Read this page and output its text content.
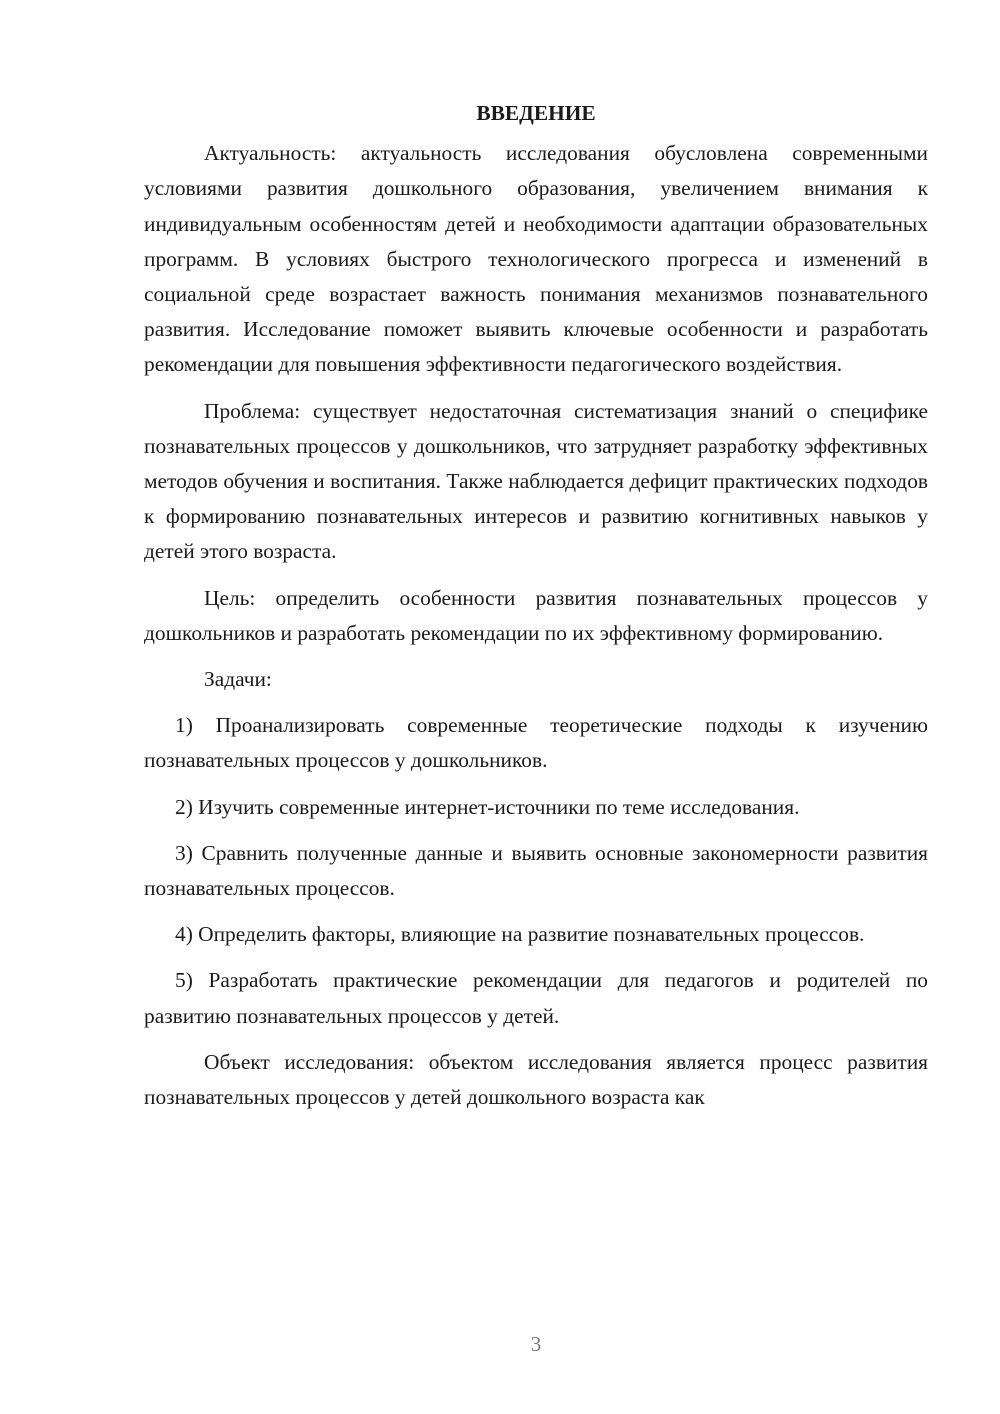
ВВЕДЕНИЕ

Актуальность: актуальность исследования обусловлена современными условиями развития дошкольного образования, увеличением внимания к индивидуальным особенностям детей и необходимости адаптации образовательных программ. В условиях быстрого технологического прогресса и изменений в социальной среде возрастает важность понимания механизмов познавательного развития. Исследование поможет выявить ключевые особенности и разработать рекомендации для повышения эффективности педагогического воздействия.

Проблема: существует недостаточная систематизация знаний о специфике познавательных процессов у дошкольников, что затрудняет разработку эффективных методов обучения и воспитания. Также наблюдается дефицит практических подходов к формированию познавательных интересов и развитию когнитивных навыков у детей этого возраста.

Цель: определить особенности развития познавательных процессов у дошкольников и разработать рекомендации по их эффективному формированию.

Задачи:

1) Проанализировать современные теоретические подходы к изучению познавательных процессов у дошкольников.

2) Изучить современные интернет-источники по теме исследования.

3) Сравнить полученные данные и выявить основные закономерности развития познавательных процессов.

4) Определить факторы, влияющие на развитие познавательных процессов.

5) Разработать практические рекомендации для педагогов и родителей по развитию познавательных процессов у детей.

Объект исследования: объектом исследования является процесс развития познавательных процессов у детей дошкольного возраста как

3
